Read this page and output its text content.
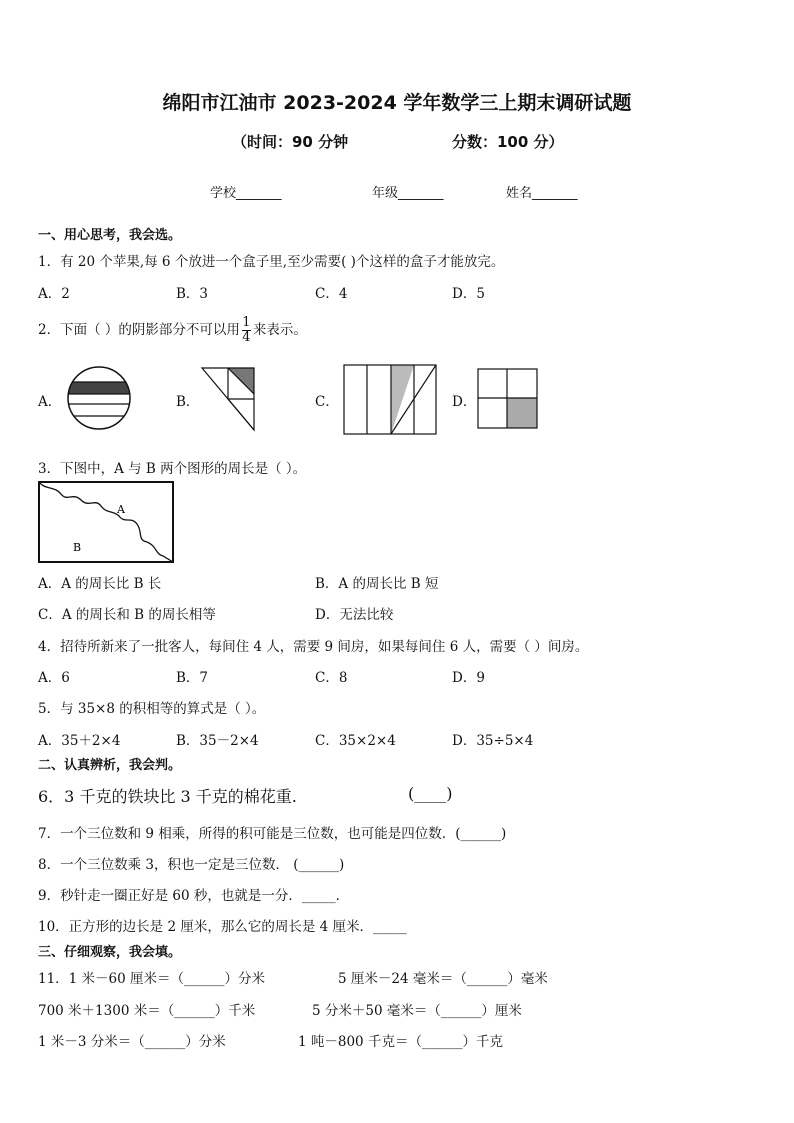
绵阳市江油市 2023-2024 学年数学三上期末调研试题
（时间：90 分钟	分数：100 分）
学校_______	年级_______	姓名_______
一、用心思考，我会选。
1．有 20 个苹果,每 6 个放进一个盒子里,至少需要( )个这样的盒子才能放完。
A．2	B．3	C．4	D．5
2．下面（ ）的阴影部分不可以用 $\frac{1}{4}$ 来表示。
A．	B．	C．	D．
3．下图中，A 与 B 两个图形的周长是（ ）。
A
B
A．A 的周长比 B 长	B．A 的周长比 B 短
C．A 的周长和 B 的周长相等	D．无法比较
4．招待所新来了一批客人，每间住 4 人，需要 9 间房，如果每间住 6 人，需要（ ）间房。
A．6	B．7	C．8	D．9
5．与 35×8 的积相等的算式是（ ）。
A．35＋2×4	B．35－2×4	C．35×2×4	D．35÷5×4
二、认真辨析，我会判。
6．3 千克的铁块比 3 千克的棉花重.	(____)
7．一个三位数和 9 相乘，所得的积可能是三位数，也可能是四位数．(______)
8．一个三位数乘 3，积也一定是三位数． (______)
9．秒针走一圈正好是 60 秒，也就是一分．_____．
10．正方形的边长是 2 厘米，那么它的周长是 4 厘米．_____
三、仔细观察，我会填。
11．1 米－60 厘米＝（______）分米	5 厘米－24 毫米＝（______）毫米
700 米＋1300 米＝（______）千米	5 分米＋50 毫米＝（______）厘米
1 米－3 分米＝（______）分米	1 吨－800 千克＝（______）千克
